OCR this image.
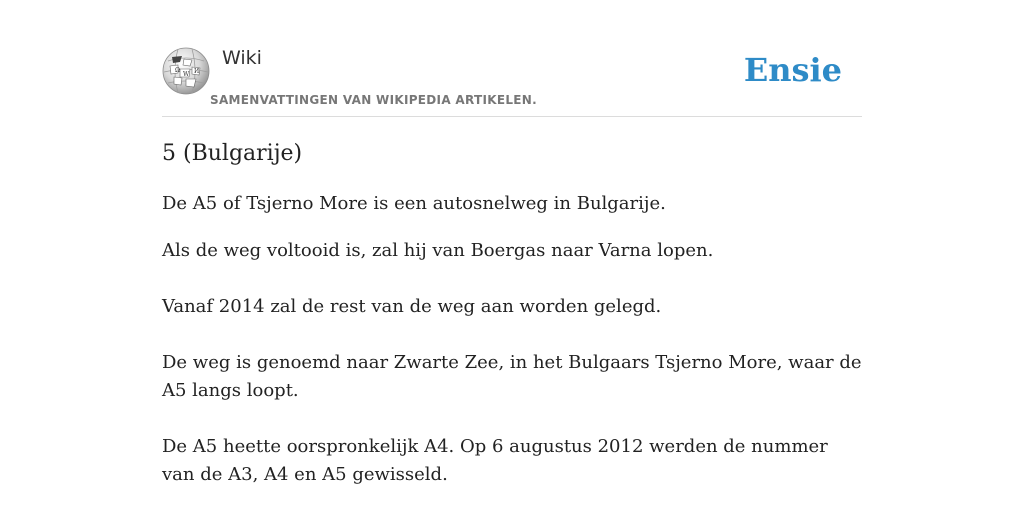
Ω
W И
Wiki
SAMENVATTINGEN VAN WIKIPEDIA ARTIKELEN.
Ensie
5 (Bulgarije)

De A5 of Tsjerno More is een autosnelweg in Bulgarije.

Als de weg voltooid is, zal hij van Boergas naar Varna lopen.

Vanaf 2014 zal de rest van de weg aan worden gelegd.

De weg is genoemd naar Zwarte Zee, in het Bulgaars Tsjerno More, waar de A5 langs loopt.

De A5 heette oorspronkelijk A4. Op 6 augustus 2012 werden de nummer van de A3, A4 en A5 gewisseld.
